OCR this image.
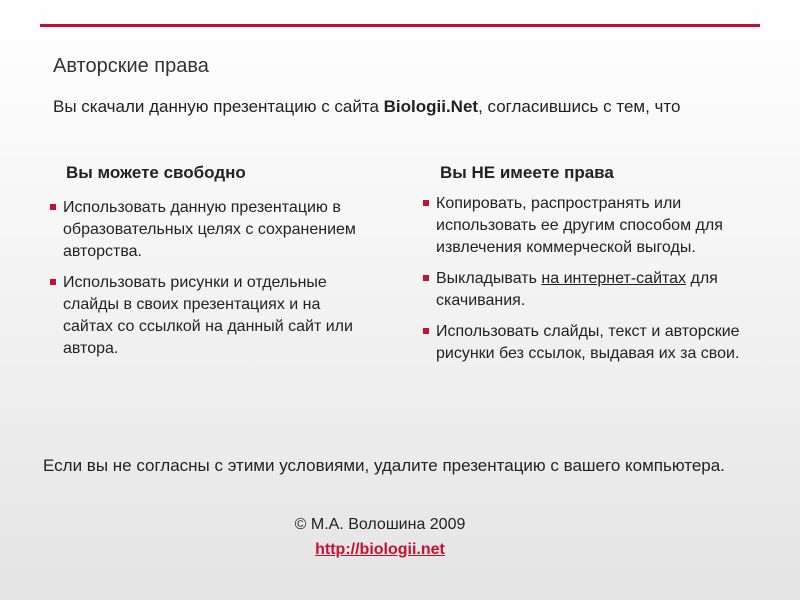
Авторские права
Вы скачали данную презентацию с сайта Biologii.Net, согласившись с тем, что
Вы можете свободно
Использовать данную презентацию в образовательных целях с сохранением авторства.
Использовать рисунки и отдельные слайды в своих презентациях и на сайтах со ссылкой на данный сайт или автора.
Вы НЕ имеете права
Копировать, распространять или использовать ее другим способом для извлечения коммерческой выгоды.
Выкладывать на интернет-сайтах для скачивания.
Использовать слайды, текст и авторские рисунки без ссылок, выдавая их за свои.
Если вы не согласны с этими условиями, удалите презентацию с вашего компьютера.
© М.А. Волошина 2009
http://biologii.net
